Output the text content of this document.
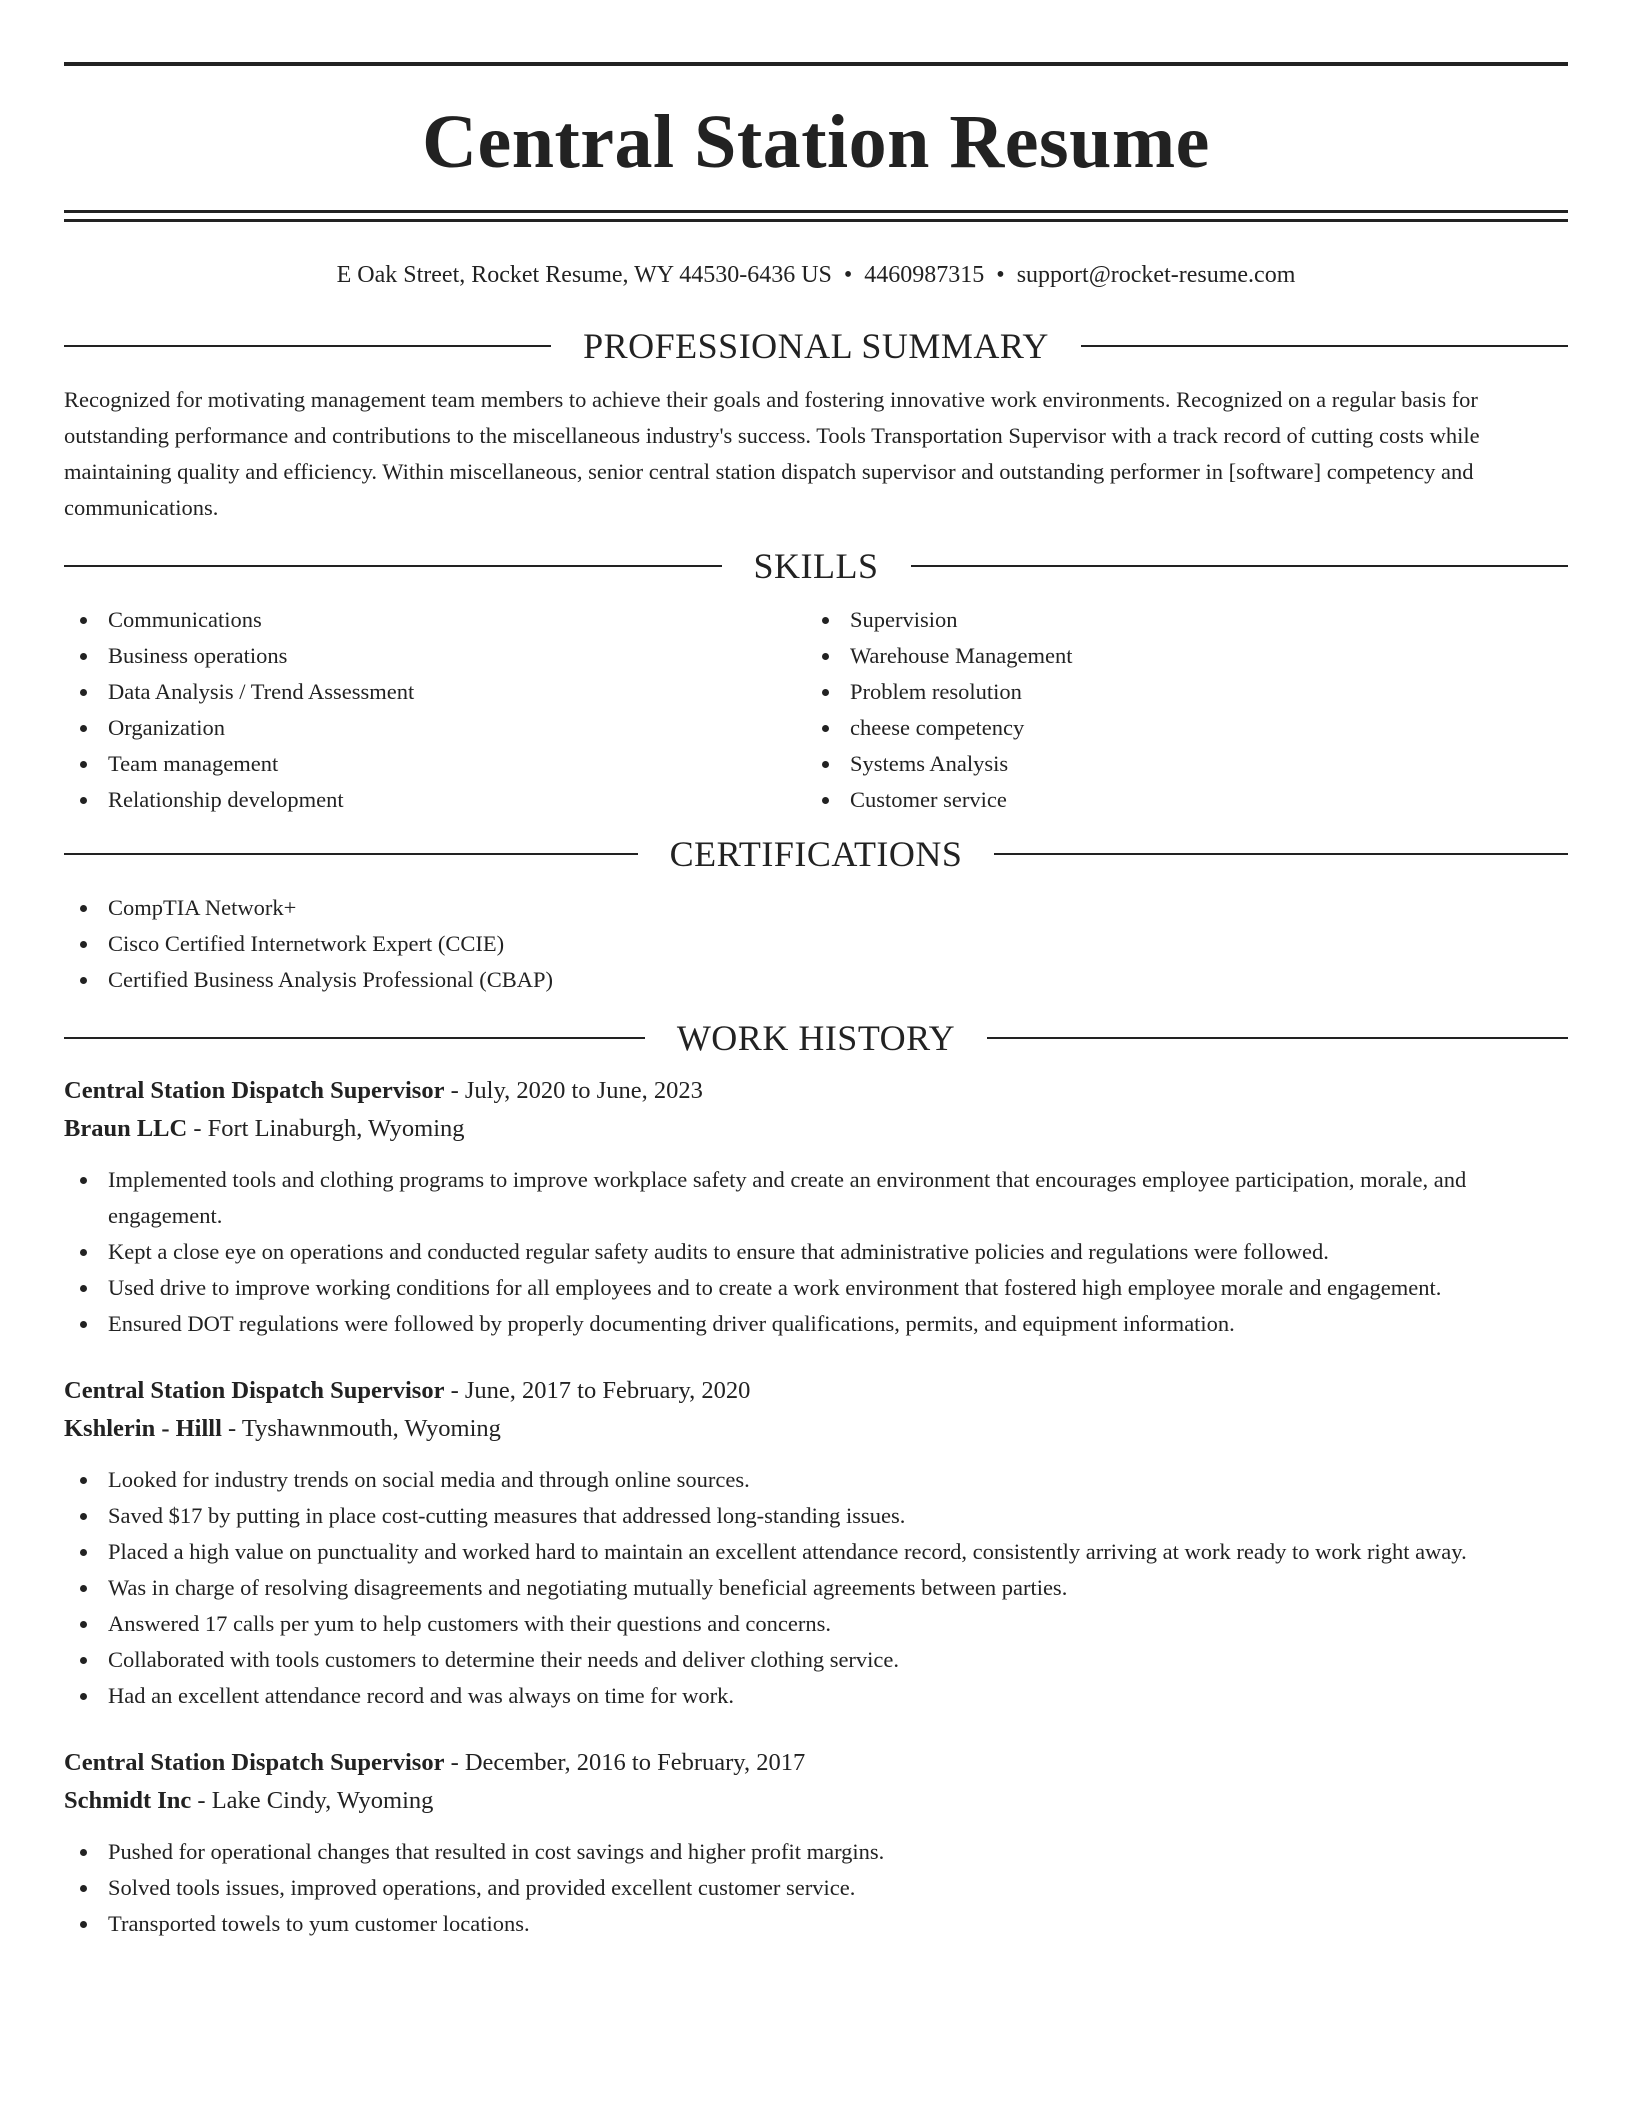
Central Station Resume
E Oak Street, Rocket Resume, WY 44530-6436 US • 4460987315 • support@rocket-resume.com
PROFESSIONAL SUMMARY

Recognized for motivating management team members to achieve their goals and fostering innovative work environments. Recognized on a regular basis for outstanding performance and contributions to the miscellaneous industry's success. Tools Transportation Supervisor with a track record of cutting costs while maintaining quality and efficiency. Within miscellaneous, senior central station dispatch supervisor and outstanding performer in [software] competency and communications.

SKILLS
Communications
Business operations
Data Analysis / Trend Assessment
Organization
Team management
Relationship development
Supervision
Warehouse Management
Problem resolution
cheese competency
Systems Analysis
Customer service
CERTIFICATIONS
CompTIA Network+
Cisco Certified Internetwork Expert (CCIE)
Certified Business Analysis Professional (CBAP)
WORK HISTORY
Central Station Dispatch Supervisor - July, 2020 to June, 2023
Braun LLC - Fort Linaburgh, Wyoming
Implemented tools and clothing programs to improve workplace safety and create an environment that encourages employee participation, morale, and engagement.
Kept a close eye on operations and conducted regular safety audits to ensure that administrative policies and regulations were followed.
Used drive to improve working conditions for all employees and to create a work environment that fostered high employee morale and engagement.
Ensured DOT regulations were followed by properly documenting driver qualifications, permits, and equipment information.
Central Station Dispatch Supervisor - June, 2017 to February, 2020
Kshlerin - Hilll - Tyshawnmouth, Wyoming
Looked for industry trends on social media and through online sources.
Saved $17 by putting in place cost-cutting measures that addressed long-standing issues.
Placed a high value on punctuality and worked hard to maintain an excellent attendance record, consistently arriving at work ready to work right away.
Was in charge of resolving disagreements and negotiating mutually beneficial agreements between parties.
Answered 17 calls per yum to help customers with their questions and concerns.
Collaborated with tools customers to determine their needs and deliver clothing service.
Had an excellent attendance record and was always on time for work.
Central Station Dispatch Supervisor - December, 2016 to February, 2017
Schmidt Inc - Lake Cindy, Wyoming
Pushed for operational changes that resulted in cost savings and higher profit margins.
Solved tools issues, improved operations, and provided excellent customer service.
Transported towels to yum customer locations.
